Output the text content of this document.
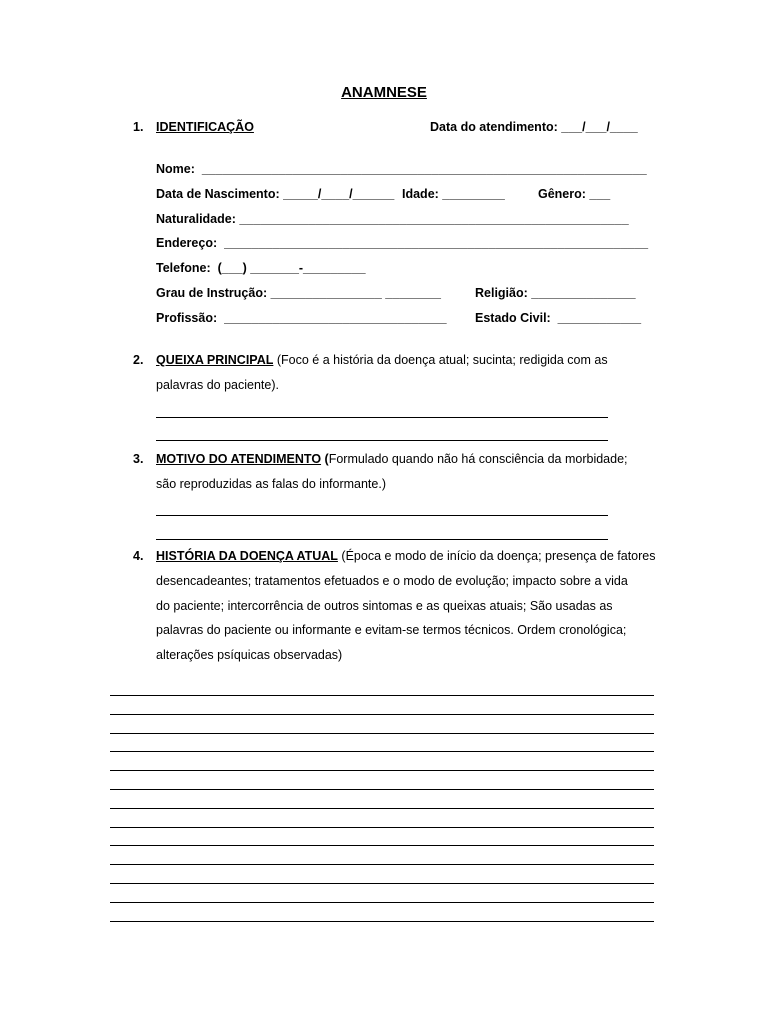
ANAMNESE
1. IDENTIFICAÇÃO	Data do atendimento: ___/___/____
Nome:  ________________________________________________________________
Data de Nascimento: _____/____/______ Idade: _________	Gênero: ___
Naturalidade: ________________________________________________________
Endereço:  _____________________________________________________________
Telefone:  (___) _______-_________
Grau de Instrução: ________________ ________	Religião: _______________
Profissão:  ________________________________ Estado Civil:  ____________
2. QUEIXA PRINCIPAL (Foco é a história da doença atual; sucinta; redigida com as
palavras do paciente).
3. MOTIVO DO ATENDIMENTO (Formulado quando não há consciência da morbidade;
são reproduzidas as falas do informante.)
4. HISTÓRIA DA DOENÇA ATUAL (Época e modo de início da doença; presença de fatores
desencadeantes; tratamentos efetuados e o modo de evolução; impacto sobre a vida
do paciente; intercorrência de outros sintomas e as queixas atuais; São usadas as
palavras do paciente ou informante e evitam-se termos técnicos. Ordem cronológica;
alterações psíquicas observadas)
